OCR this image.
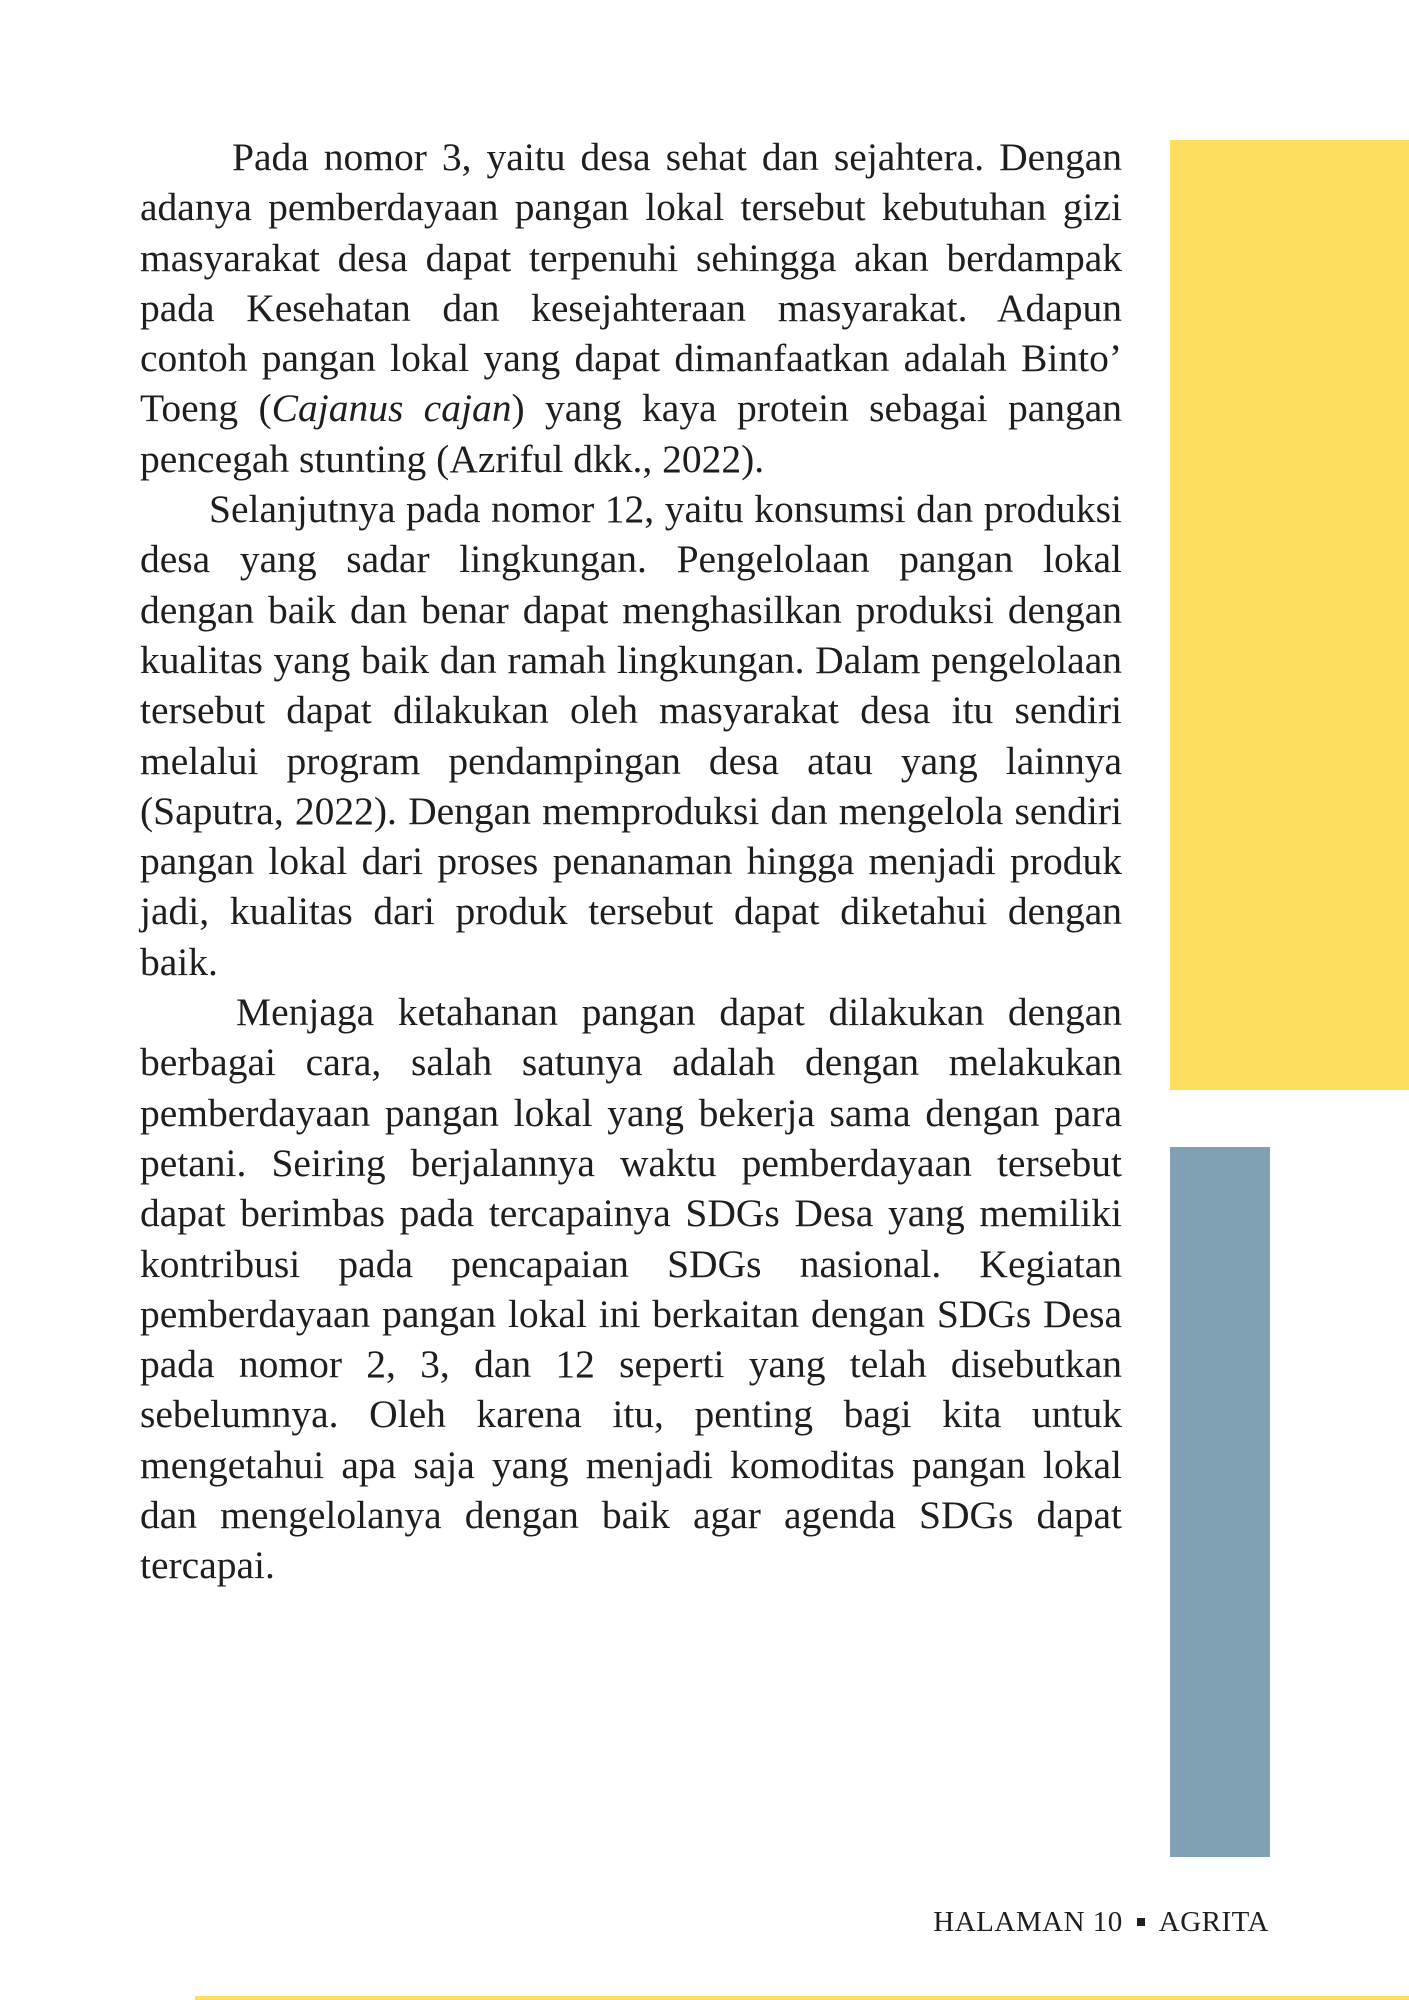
Pada nomor 3, yaitu desa sehat dan sejahtera. Dengan adanya pemberdayaan pangan lokal tersebut kebutuhan gizi masyarakat desa dapat terpenuhi sehingga akan berdampak pada Kesehatan dan kesejahteraan masyarakat. Adapun contoh pangan lokal yang dapat dimanfaatkan adalah Binto’ Toeng (Cajanus cajan) yang kaya protein sebagai pangan pencegah stunting (Azriful dkk., 2022).

Selanjutnya pada nomor 12, yaitu konsumsi dan produksi desa yang sadar lingkungan. Pengelolaan pangan lokal dengan baik dan benar dapat menghasilkan produksi dengan kualitas yang baik dan ramah lingkungan. Dalam pengelolaan tersebut dapat dilakukan oleh masyarakat desa itu sendiri melalui program pendampingan desa atau yang lainnya (Saputra, 2022). Dengan memproduksi dan mengelola sendiri pangan lokal dari proses penanaman hingga menjadi produk jadi, kualitas dari produk tersebut dapat diketahui dengan baik.

Menjaga ketahanan pangan dapat dilakukan dengan berbagai cara, salah satunya adalah dengan melakukan pemberdayaan pangan lokal yang bekerja sama dengan para petani. Seiring berjalannya waktu pemberdayaan tersebut dapat berimbas pada tercapainya SDGs Desa yang memiliki kontribusi pada pencapaian SDGs nasional. Kegiatan pemberdayaan pangan lokal ini berkaitan dengan SDGs Desa pada nomor 2, 3, dan 12 seperti yang telah disebutkan sebelumnya. Oleh karena itu, penting bagi kita untuk mengetahui apa saja yang menjadi komoditas pangan lokal dan mengelolanya dengan baik agar agenda SDGs dapat tercapai.

HALAMAN 10 AGRITA
